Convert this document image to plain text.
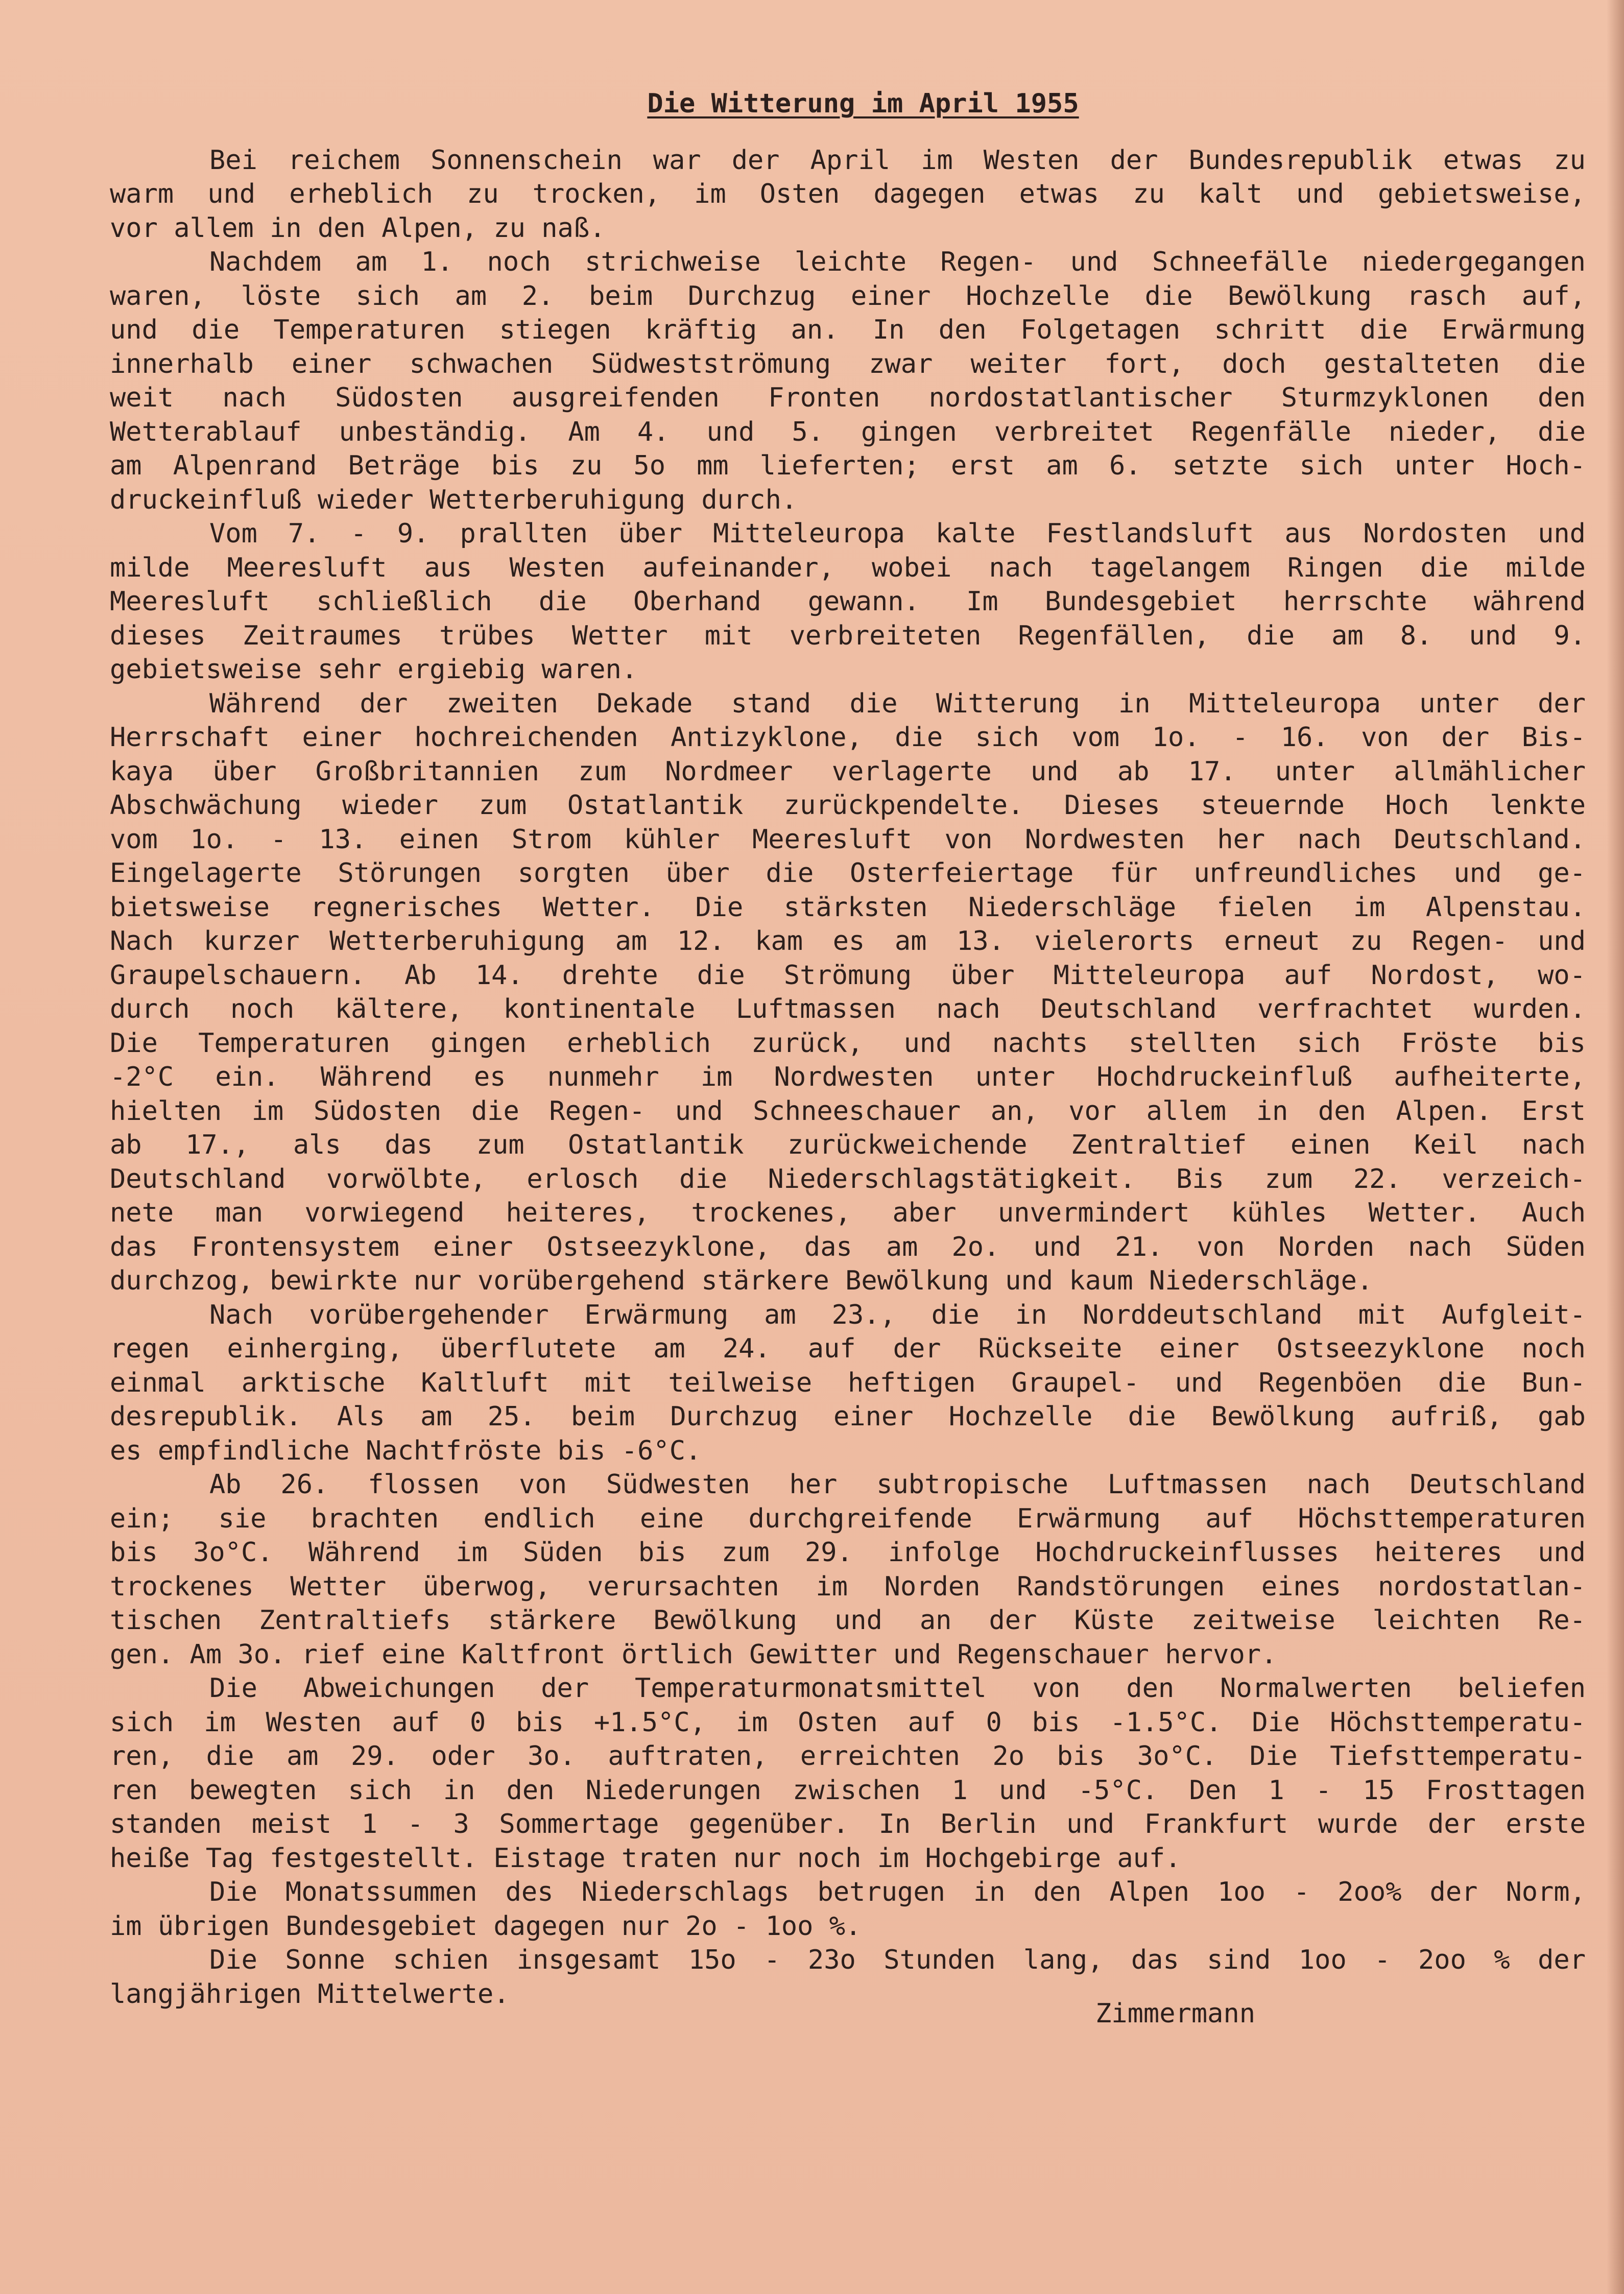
Die Witterung im April 1955
Bei reichem Sonnenschein war der April im Westen der Bundesrepublik etwas zu
warm und erheblich zu trocken, im Osten dagegen etwas zu kalt und gebietsweise,
vor allem in den Alpen, zu naß.
Nachdem am 1. noch strichweise leichte Regen- und Schneefälle niedergegangen
waren, löste sich am 2. beim Durchzug einer Hochzelle die Bewölkung rasch auf,
und die Temperaturen stiegen kräftig an. In den Folgetagen schritt die Erwärmung
innerhalb einer schwachen Südwestströmung zwar weiter fort, doch gestalteten die
weit nach Südosten ausgreifenden Fronten nordostatlantischer Sturmzyklonen den
Wetterablauf unbeständig. Am 4. und 5. gingen verbreitet Regenfälle nieder, die
am Alpenrand Beträge bis zu 5o mm lieferten; erst am 6. setzte sich unter Hoch-
druckeinfluß wieder Wetterberuhigung durch.
Vom 7. - 9. prallten über Mitteleuropa kalte Festlandsluft aus Nordosten und
milde Meeresluft aus Westen aufeinander, wobei nach tagelangem Ringen die milde
Meeresluft schließlich die Oberhand gewann. Im Bundesgebiet herrschte während
dieses Zeitraumes trübes Wetter mit verbreiteten Regenfällen, die am 8. und 9.
gebietsweise sehr ergiebig waren.
Während der zweiten Dekade stand die Witterung in Mitteleuropa unter der
Herrschaft einer hochreichenden Antizyklone, die sich vom 1o. - 16. von der Bis-
kaya über Großbritannien zum Nordmeer verlagerte und ab 17. unter allmählicher
Abschwächung wieder zum Ostatlantik zurückpendelte. Dieses steuernde Hoch lenkte
vom 1o. - 13. einen Strom kühler Meeresluft von Nordwesten her nach Deutschland.
Eingelagerte Störungen sorgten über die Osterfeiertage für unfreundliches und ge-
bietsweise regnerisches Wetter. Die stärksten Niederschläge fielen im Alpenstau.
Nach kurzer Wetterberuhigung am 12. kam es am 13. vielerorts erneut zu Regen- und
Graupelschauern. Ab 14. drehte die Strömung über Mitteleuropa auf Nordost, wo-
durch noch kältere, kontinentale Luftmassen nach Deutschland verfrachtet wurden.
Die Temperaturen gingen erheblich zurück, und nachts stellten sich Fröste bis
-2°C ein. Während es nunmehr im Nordwesten unter Hochdruckeinfluß aufheiterte,
hielten im Südosten die Regen- und Schneeschauer an, vor allem in den Alpen. Erst
ab 17., als das zum Ostatlantik zurückweichende Zentraltief einen Keil nach
Deutschland vorwölbte, erlosch die Niederschlagstätigkeit. Bis zum 22. verzeich-
nete man vorwiegend heiteres, trockenes, aber unvermindert kühles Wetter. Auch
das Frontensystem einer Ostseezyklone, das am 2o. und 21. von Norden nach Süden
durchzog, bewirkte nur vorübergehend stärkere Bewölkung und kaum Niederschläge.
Nach vorübergehender Erwärmung am 23., die in Norddeutschland mit Aufgleit-
regen einherging, überflutete am 24. auf der Rückseite einer Ostseezyklone noch
einmal arktische Kaltluft mit teilweise heftigen Graupel- und Regenböen die Bun-
desrepublik. Als am 25. beim Durchzug einer Hochzelle die Bewölkung aufriß, gab
es empfindliche Nachtfröste bis -6°C.
Ab 26. flossen von Südwesten her subtropische Luftmassen nach Deutschland
ein; sie brachten endlich eine durchgreifende Erwärmung auf Höchsttemperaturen
bis 3o°C. Während im Süden bis zum 29. infolge Hochdruckeinflusses heiteres und
trockenes Wetter überwog, verursachten im Norden Randstörungen eines nordostatlan-
tischen Zentraltiefs stärkere Bewölkung und an der Küste zeitweise leichten Re-
gen. Am 3o. rief eine Kaltfront örtlich Gewitter und Regenschauer hervor.
Die Abweichungen der Temperaturmonatsmittel von den Normalwerten beliefen
sich im Westen auf 0 bis +1.5°C, im Osten auf 0 bis -1.5°C. Die Höchsttemperatu-
ren, die am 29. oder 3o. auftraten, erreichten 2o bis 3o°C. Die Tiefsttemperatu-
ren bewegten sich in den Niederungen zwischen 1 und -5°C. Den 1 - 15 Frosttagen
standen meist 1 - 3 Sommertage gegenüber. In Berlin und Frankfurt wurde der erste
heiße Tag festgestellt. Eistage traten nur noch im Hochgebirge auf.
Die Monatssummen des Niederschlags betrugen in den Alpen 1oo - 2oo% der Norm,
im übrigen Bundesgebiet dagegen nur 2o - 1oo %.
Die Sonne schien insgesamt 15o - 23o Stunden lang, das sind 1oo - 2oo % der
langjährigen Mittelwerte.
Zimmermann
